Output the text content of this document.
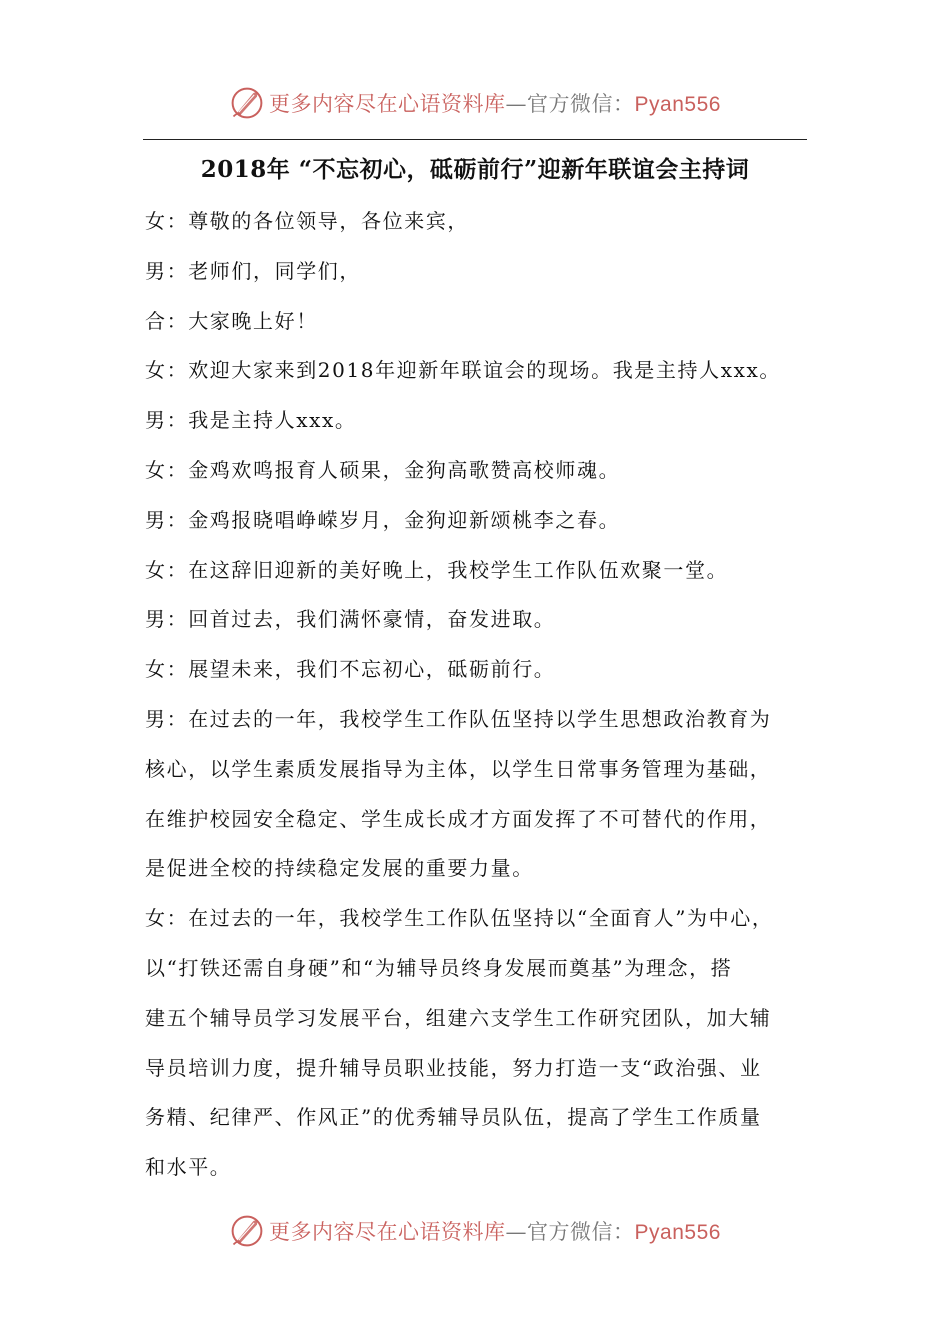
更多内容尽在心语资料库—官方微信：Pyan556
2018年 “不忘初心，砥砺前行”迎新年联谊会主持词

女：尊敬的各位领导，各位来宾，

男：老师们，同学们，

合：大家晚上好！

女：欢迎大家来到2018年迎新年联谊会的现场。我是主持人xxx。

男：我是主持人xxx。

女：金鸡欢鸣报育人硕果，金狗高歌赞高校师魂。

男：金鸡报晓唱峥嵘岁月，金狗迎新颂桃李之春。

女：在这辞旧迎新的美好晚上，我校学生工作队伍欢聚一堂。

男：回首过去，我们满怀豪情，奋发进取。

女：展望未来，我们不忘初心，砥砺前行。

男：在过去的一年，我校学生工作队伍坚持以学生思想政治教育为

核心，以学生素质发展指导为主体，以学生日常事务管理为基础，

在维护校园安全稳定、学生成长成才方面发挥了不可替代的作用，

是促进全校的持续稳定发展的重要力量。

女：在过去的一年，我校学生工作队伍坚持以“全面育人”为中心，

以“打铁还需自身硬”和“为辅导员终身发展而奠基”为理念，搭

建五个辅导员学习发展平台，组建六支学生工作研究团队，加大辅

导员培训力度，提升辅导员职业技能，努力打造一支“政治强、业

务精、纪律严、作风正”的优秀辅导员队伍，提高了学生工作质量

和水平。

更多内容尽在心语资料库—官方微信：Pyan556
